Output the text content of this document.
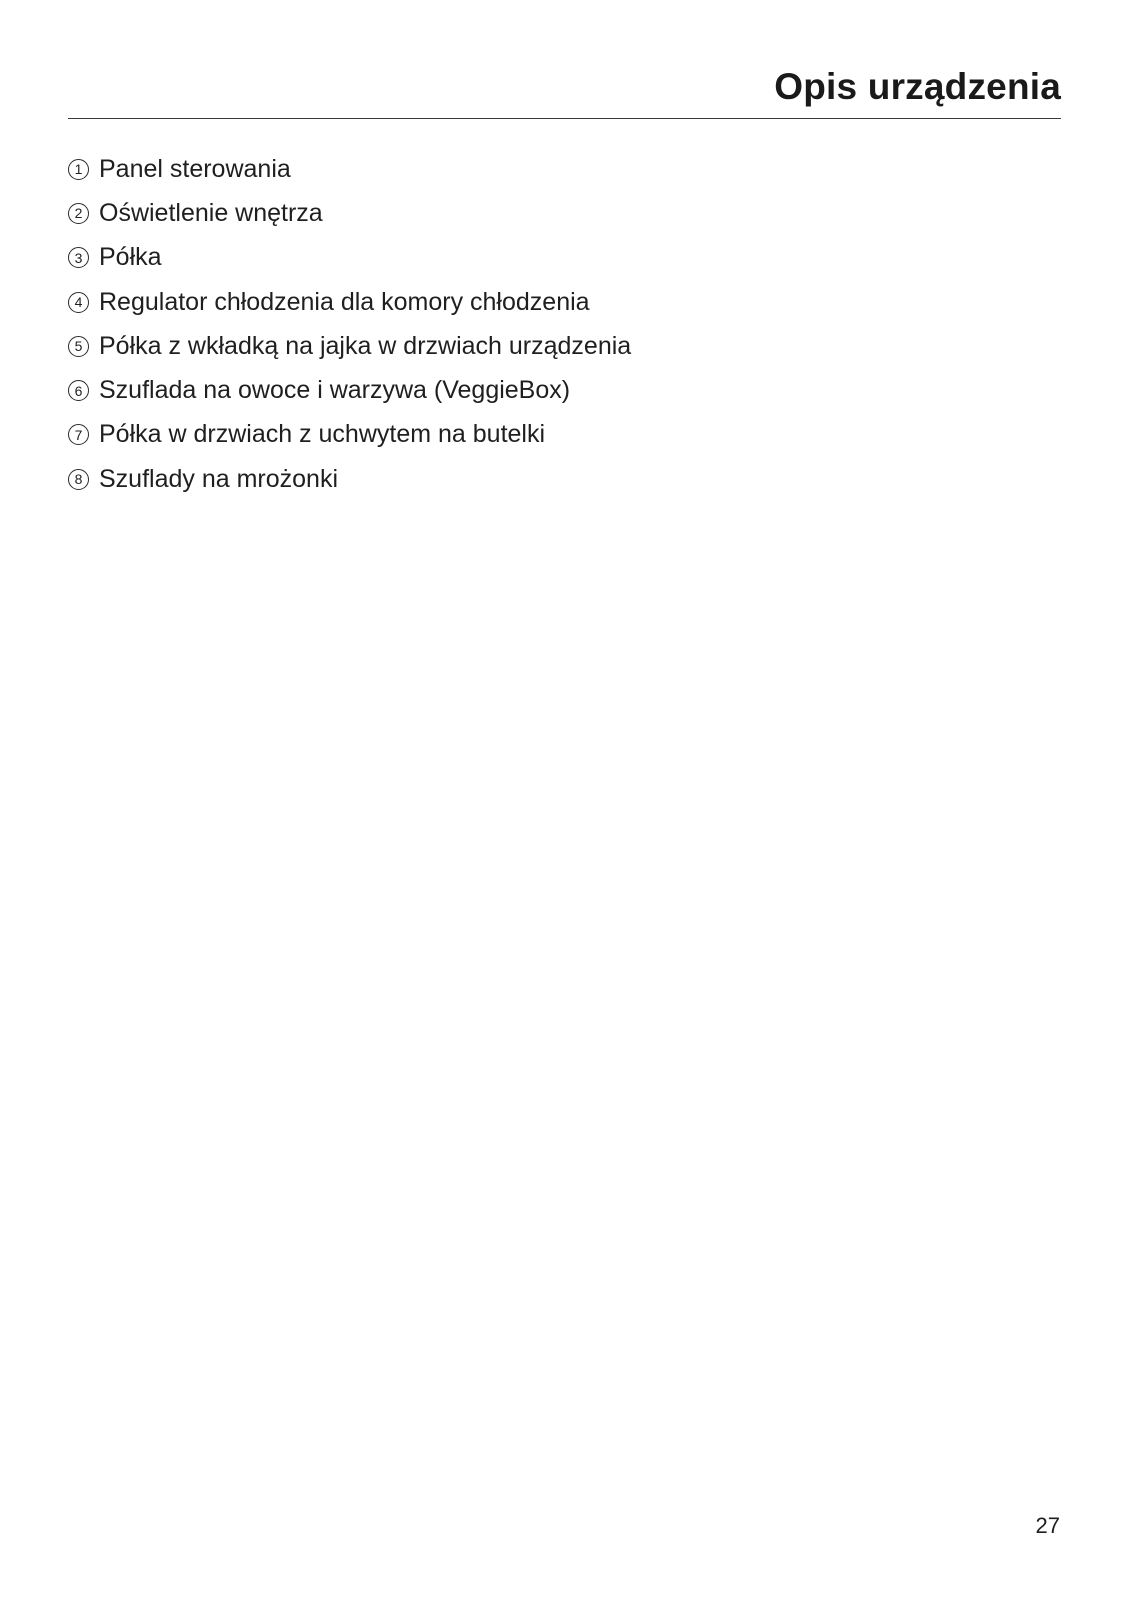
Opis urządzenia
1 Panel sterowania
2 Oświetlenie wnętrza
3 Półka
4 Regulator chłodzenia dla komory chłodzenia
5 Półka z wkładką na jajka w drzwiach urządzenia
6 Szuflada na owoce i warzywa (VeggieBox)
7 Półka w drzwiach z uchwytem na butelki
8 Szuflady na mrożonki
27
